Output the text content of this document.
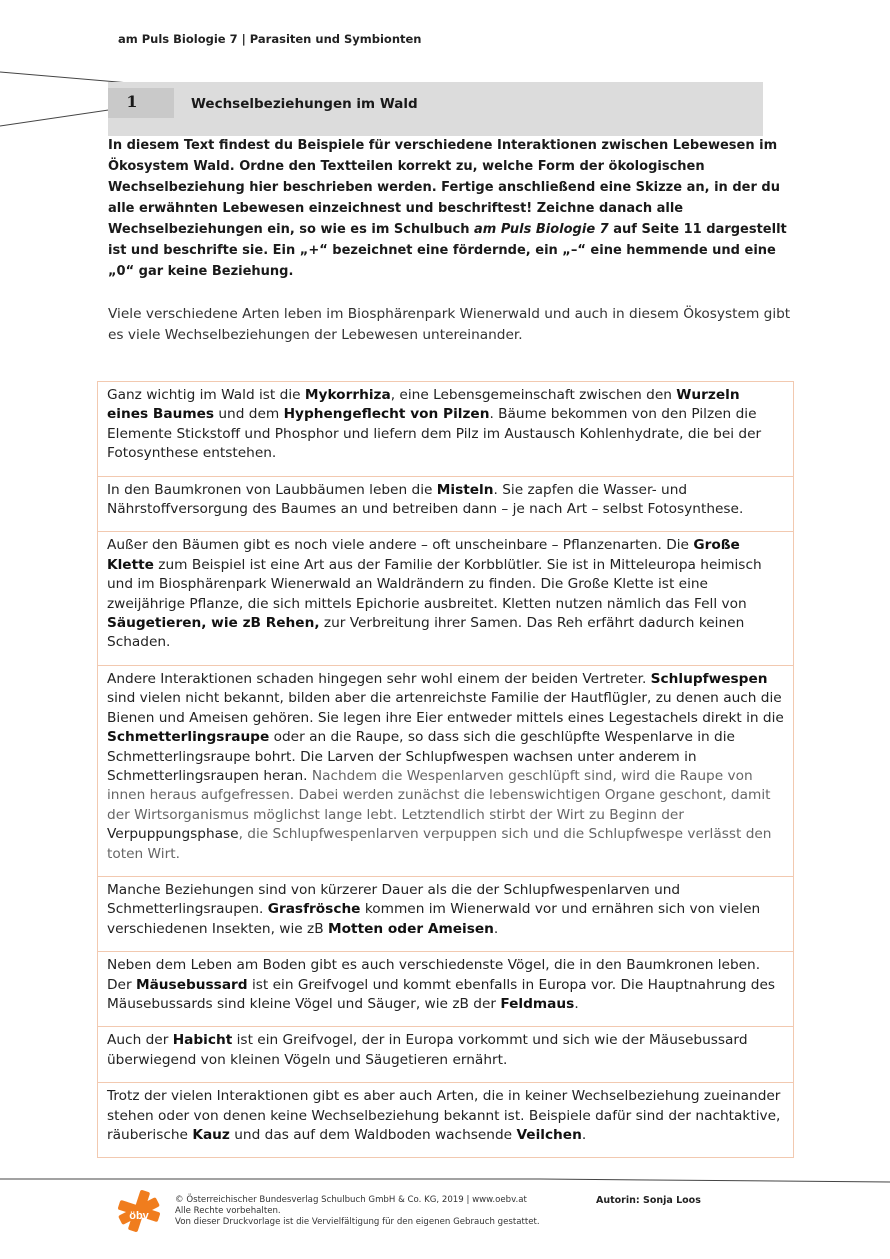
am Puls Biologie 7 | Parasiten und Symbionten
1	Wechselbeziehungen im Wald
In diesem Text findest du Beispiele für verschiedene Interaktionen zwischen Lebewesen im Ökosystem Wald. Ordne den Textteilen korrekt zu, welche Form der ökologischen Wechselbeziehung hier beschrieben werden. Fertige anschließend eine Skizze an, in der du alle erwähnten Lebewesen einzeichnest und beschriftest! Zeichne danach alle Wechselbeziehungen ein, so wie es im Schulbuch am Puls Biologie 7 auf Seite 11 dargestellt ist und beschrifte sie. Ein „+“ bezeichnet eine fördernde, ein „–“ eine hemmende und eine „0“ gar keine Beziehung.
Viele verschiedene Arten leben im Biosphärenpark Wienerwald und auch in diesem Ökosystem gibt es viele Wechselbeziehungen der Lebewesen untereinander.
Ganz wichtig im Wald ist die Mykorrhiza, eine Lebensgemeinschaft zwischen den Wurzeln eines Baumes und dem Hyphengeflecht von Pilzen. Bäume bekommen von den Pilzen die Elemente Stickstoff und Phosphor und liefern dem Pilz im Austausch Kohlenhydrate, die bei der Fotosynthese entstehen.
In den Baumkronen von Laubbäumen leben die Misteln. Sie zapfen die Wasser- und Nährstoffversorgung des Baumes an und betreiben dann – je nach Art – selbst Fotosynthese.
Außer den Bäumen gibt es noch viele andere – oft unscheinbare – Pflanzenarten. Die Große Klette zum Beispiel ist eine Art aus der Familie der Korbblütler. Sie ist in Mitteleuropa heimisch und im Biosphärenpark Wienerwald an Waldrändern zu finden. Die Große Klette ist eine zweijährige Pflanze, die sich mittels Epichorie ausbreitet. Kletten nutzen nämlich das Fell von Säugetieren, wie zB Rehen, zur Verbreitung ihrer Samen. Das Reh erfährt dadurch keinen Schaden.
Andere Interaktionen schaden hingegen sehr wohl einem der beiden Vertreter. Schlupfwespen sind vielen nicht bekannt, bilden aber die artenreichste Familie der Hautflügler, zu denen auch die Bienen und Ameisen gehören. Sie legen ihre Eier entweder mittels eines Legestachels direkt in die Schmetterlingsraupe oder an die Raupe, so dass sich die geschlüpfte Wespenlarve in die Schmetterlingsraupe bohrt. Die Larven der Schlupfwespen wachsen unter anderem in Schmetterlingsraupen heran. Nachdem die Wespenlarven geschlüpft sind, wird die Raupe von innen heraus aufgefressen. Dabei werden zunächst die lebenswichtigen Organe geschont, damit der Wirtsorganismus möglichst lange lebt. Letztendlich stirbt der Wirt zu Beginn der Verpuppungsphase, die Schlupfwespenlarven verpuppen sich und die Schlupfwespe verlässt den toten Wirt.
Manche Beziehungen sind von kürzerer Dauer als die der Schlupfwespenlarven und Schmetterlingsraupen. Grasfrösche kommen im Wienerwald vor und ernähren sich von vielen verschiedenen Insekten, wie zB Motten oder Ameisen.
Neben dem Leben am Boden gibt es auch verschiedenste Vögel, die in den Baumkronen leben. Der Mäusebussard ist ein Greifvogel und kommt ebenfalls in Europa vor. Die Hauptnahrung des Mäusebussards sind kleine Vögel und Säuger, wie zB der Feldmaus.
Auch der Habicht ist ein Greifvogel, der in Europa vorkommt und sich wie der Mäusebussard überwiegend von kleinen Vögeln und Säugetieren ernährt.
Trotz der vielen Interaktionen gibt es aber auch Arten, die in keiner Wechselbeziehung zueinander stehen oder von denen keine Wechselbeziehung bekannt ist. Beispiele dafür sind der nachtaktive, räuberische Kauz und das auf dem Waldboden wachsende Veilchen.
öbv
© Österreichischer Bundesverlag Schulbuch GmbH & Co. KG, 2019 | www.oebv.at
Alle Rechte vorbehalten.
Von dieser Druckvorlage ist die Vervielfältigung für den eigenen Gebrauch gestattet.
Autorin: Sonja Loos
